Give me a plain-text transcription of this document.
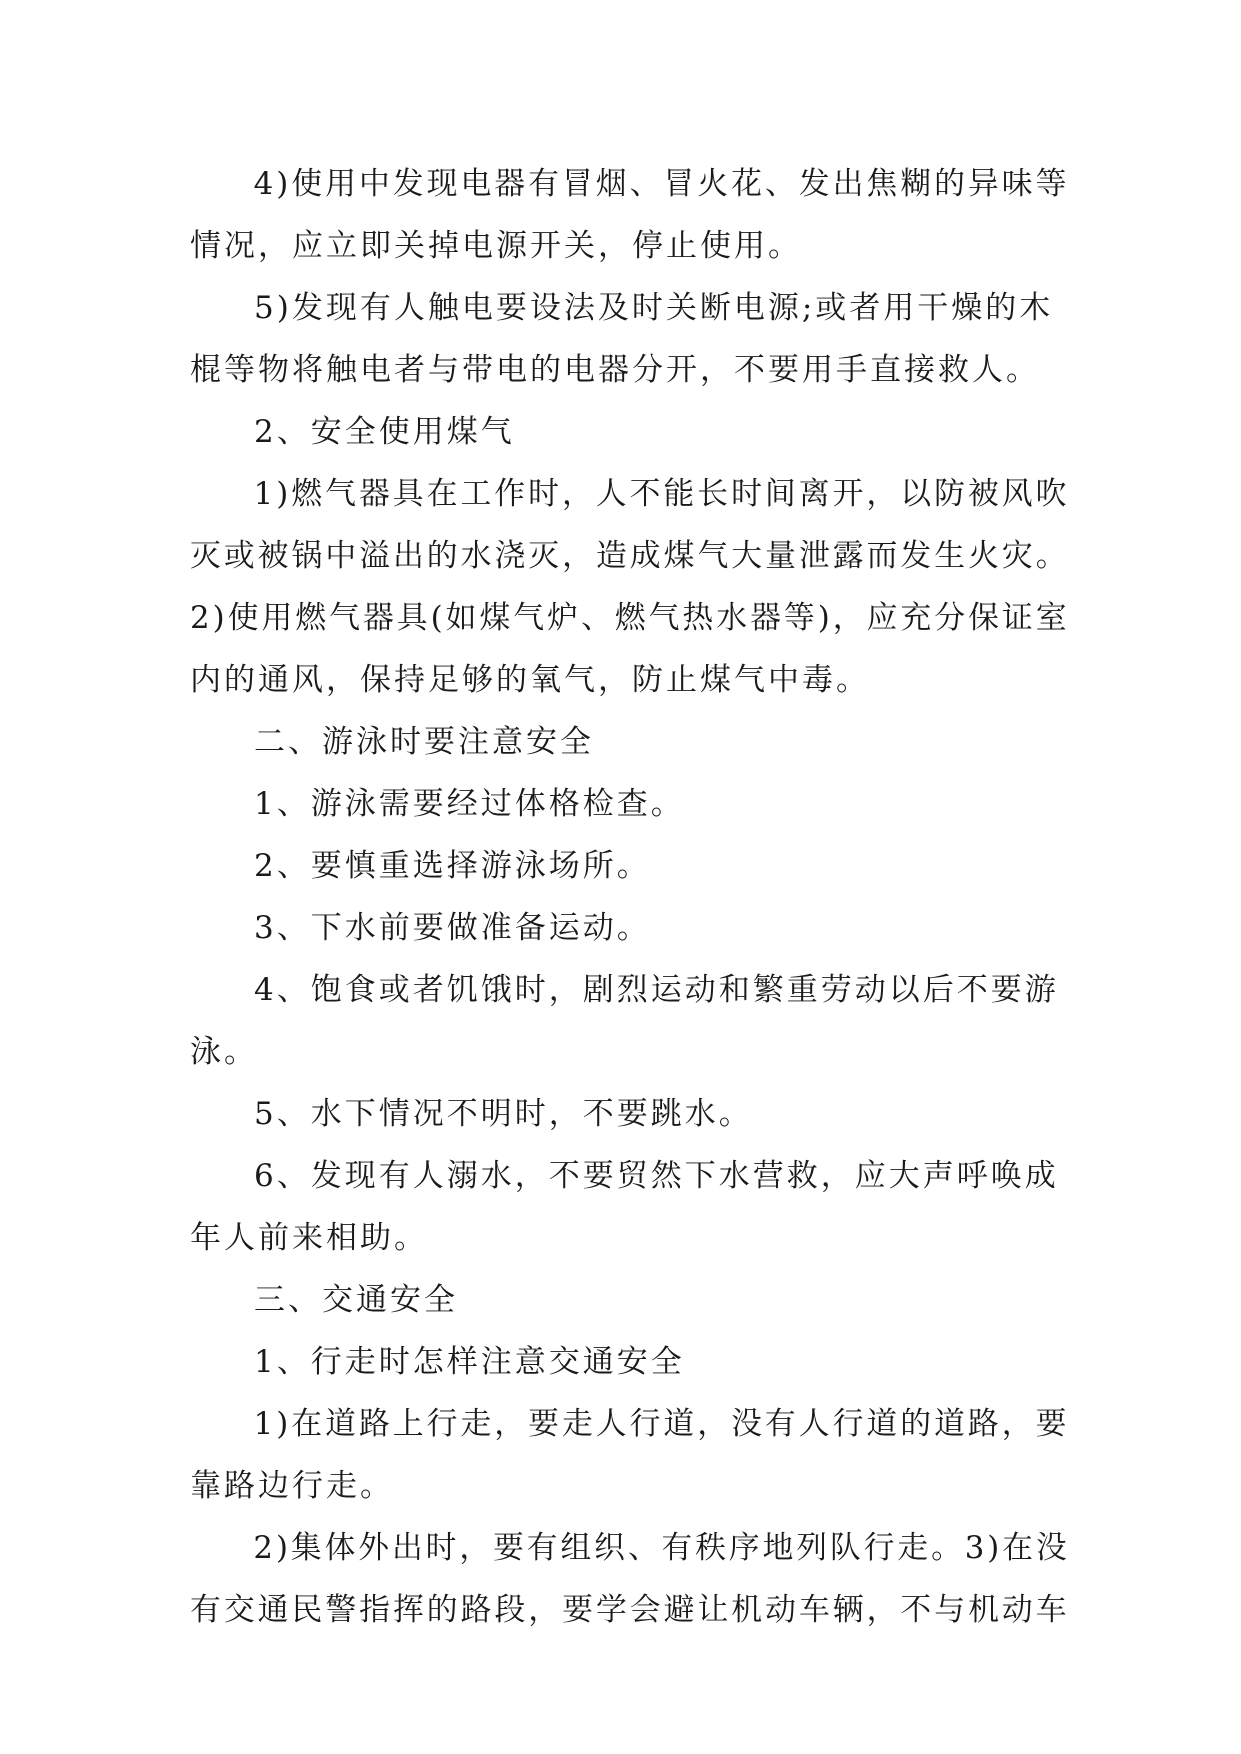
4)使用中发现电器有冒烟、冒火花、发出焦糊的异味等
情况，应立即关掉电源开关，停止使用。
5)发现有人触电要设法及时关断电源;或者用干燥的木
棍等物将触电者与带电的电器分开，不要用手直接救人。
2、安全使用煤气
1)燃气器具在工作时，人不能长时间离开，以防被风吹
灭或被锅中溢出的水浇灭，造成煤气大量泄露而发生火灾。
2)使用燃气器具(如煤气炉、燃气热水器等)，应充分保证室
内的通风，保持足够的氧气，防止煤气中毒。
二、游泳时要注意安全
1、游泳需要经过体格检查。
2、要慎重选择游泳场所。
3、下水前要做准备运动。
4、饱食或者饥饿时，剧烈运动和繁重劳动以后不要游
泳。
5、水下情况不明时，不要跳水。
6、发现有人溺水，不要贸然下水营救，应大声呼唤成
年人前来相助。
三、交通安全
1、行走时怎样注意交通安全
1)在道路上行走，要走人行道，没有人行道的道路，要
靠路边行走。
2)集体外出时，要有组织、有秩序地列队行走。3)在没
有交通民警指挥的路段，要学会避让机动车辆，不与机动车
